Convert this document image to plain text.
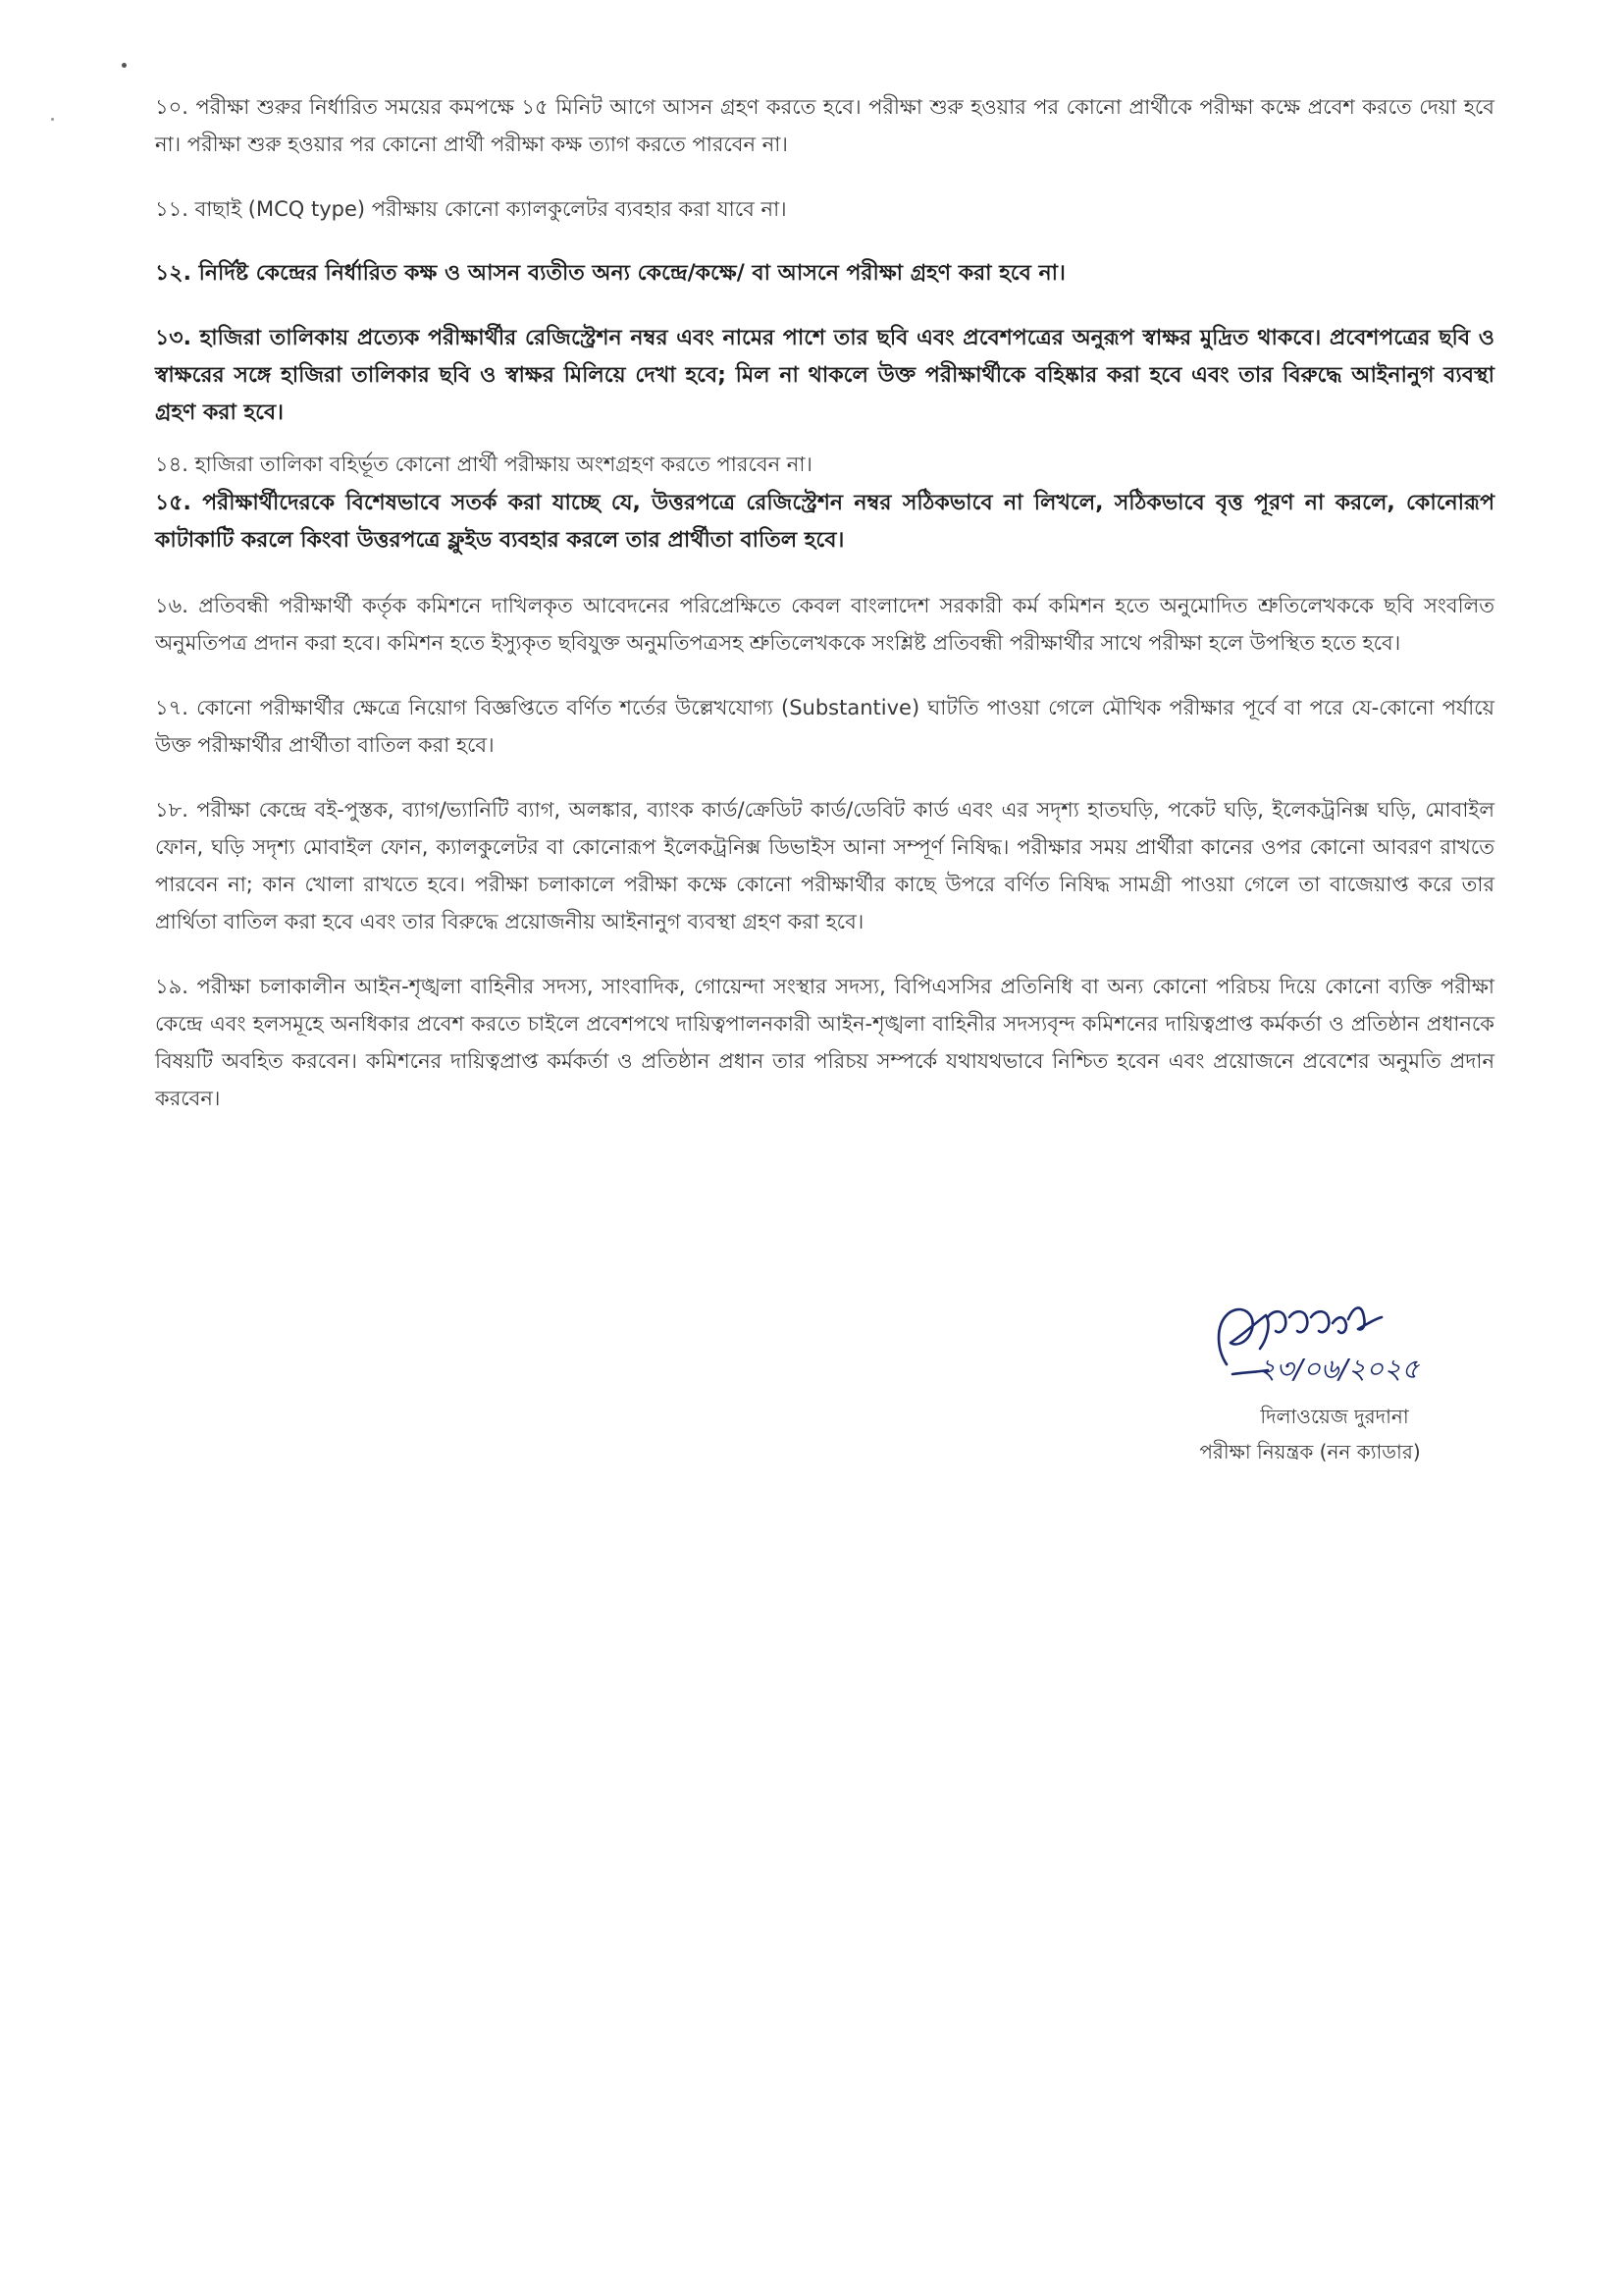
১০. পরীক্ষা শুরুর নির্ধারিত সময়ের কমপক্ষে ১৫ মিনিট আগে আসন গ্রহণ করতে হবে। পরীক্ষা শুরু হওয়ার পর কোনো প্রার্থীকে পরীক্ষা কক্ষে প্রবেশ করতে দেয়া হবে না। পরীক্ষা শুরু হওয়ার পর কোনো প্রার্থী পরীক্ষা কক্ষ ত্যাগ করতে পারবেন না।

১১. বাছাই (MCQ type) পরীক্ষায় কোনো ক্যালকুলেটর ব্যবহার করা যাবে না।

১২. নির্দিষ্ট কেন্দ্রের নির্ধারিত কক্ষ ও আসন ব্যতীত অন্য কেন্দ্রে/কক্ষে/ বা আসনে পরীক্ষা গ্রহণ করা হবে না।

১৩. হাজিরা তালিকায় প্রত্যেক পরীক্ষার্থীর রেজিস্ট্রেশন নম্বর এবং নামের পাশে তার ছবি এবং প্রবেশপত্রের অনুরূপ স্বাক্ষর মুদ্রিত থাকবে। প্রবেশপত্রের ছবি ও স্বাক্ষরের সঙ্গে হাজিরা তালিকার ছবি ও স্বাক্ষর মিলিয়ে দেখা হবে; মিল না থাকলে উক্ত পরীক্ষার্থীকে বহিষ্কার করা হবে এবং তার বিরুদ্ধে আইনানুগ ব্যবস্থা গ্রহণ করা হবে।

১৪. হাজিরা তালিকা বহির্ভূত কোনো প্রার্থী পরীক্ষায় অংশগ্রহণ করতে পারবেন না।

১৫. পরীক্ষার্থীদেরকে বিশেষভাবে সতর্ক করা যাচ্ছে যে, উত্তরপত্রে রেজিস্ট্রেশন নম্বর সঠিকভাবে না লিখলে, সঠিকভাবে বৃত্ত পূরণ না করলে, কোনোরূপ কাটাকাটি করলে কিংবা উত্তরপত্রে ফ্লুইড ব্যবহার করলে তার প্রার্থীতা বাতিল হবে।

১৬. প্রতিবন্ধী পরীক্ষার্থী কর্তৃক কমিশনে দাখিলকৃত আবেদনের পরিপ্রেক্ষিতে কেবল বাংলাদেশ সরকারী কর্ম কমিশন হতে অনুমোদিত শ্রুতিলেখককে ছবি সংবলিত অনুমতিপত্র প্রদান করা হবে। কমিশন হতে ইস্যুকৃত ছবিযুক্ত অনুমতিপত্রসহ শ্রুতিলেখককে সংশ্লিষ্ট প্রতিবন্ধী পরীক্ষার্থীর সাথে পরীক্ষা হলে উপস্থিত হতে হবে।

১৭. কোনো পরীক্ষার্থীর ক্ষেত্রে নিয়োগ বিজ্ঞপ্তিতে বর্ণিত শর্তের উল্লেখযোগ্য (Substantive) ঘাটতি পাওয়া গেলে মৌখিক পরীক্ষার পূর্বে বা পরে যে-কোনো পর্যায়ে উক্ত পরীক্ষার্থীর প্রার্থীতা বাতিল করা হবে।

১৮. পরীক্ষা কেন্দ্রে বই-পুস্তক, ব্যাগ/ভ্যানিটি ব্যাগ, অলঙ্কার, ব্যাংক কার্ড/ক্রেডিট কার্ড/ডেবিট কার্ড এবং এর সদৃশ্য হাতঘড়ি, পকেট ঘড়ি, ইলেকট্রনিক্স ঘড়ি, মোবাইল ফোন, ঘড়ি সদৃশ্য মোবাইল ফোন, ক্যালকুলেটর বা কোনোরূপ ইলেকট্রনিক্স ডিভাইস আনা সম্পূর্ণ নিষিদ্ধ। পরীক্ষার সময় প্রার্থীরা কানের ওপর কোনো আবরণ রাখতে পারবেন না; কান খোলা রাখতে হবে। পরীক্ষা চলাকালে পরীক্ষা কক্ষে কোনো পরীক্ষার্থীর কাছে উপরে বর্ণিত নিষিদ্ধ সামগ্রী পাওয়া গেলে তা বাজেয়াপ্ত করে তার প্রার্থিতা বাতিল করা হবে এবং তার বিরুদ্ধে প্রয়োজনীয় আইনানুগ ব্যবস্থা গ্রহণ করা হবে।

১৯. পরীক্ষা চলাকালীন আইন-শৃঙ্খলা বাহিনীর সদস্য, সাংবাদিক, গোয়েন্দা সংস্থার সদস্য, বিপিএসসির প্রতিনিধি বা অন্য কোনো পরিচয় দিয়ে কোনো ব্যক্তি পরীক্ষা কেন্দ্রে এবং হলসমূহে অনধিকার প্রবেশ করতে চাইলে প্রবেশপথে দায়িত্বপালনকারী আইন-শৃঙ্খলা বাহিনীর সদস্যবৃন্দ কমিশনের দায়িত্বপ্রাপ্ত কর্মকর্তা ও প্রতিষ্ঠান প্রধানকে বিষয়টি অবহিত করবেন। কমিশনের দায়িত্বপ্রাপ্ত কর্মকর্তা ও প্রতিষ্ঠান প্রধান তার পরিচয় সম্পর্কে যথাযথভাবে নিশ্চিত হবেন এবং প্রয়োজনে প্রবেশের অনুমতি প্রদান করবেন।

২৩/০৬/২০২৫
দিলাওয়েজ দুরদানা
পরীক্ষা নিয়ন্ত্রক (নন ক্যাডার)
